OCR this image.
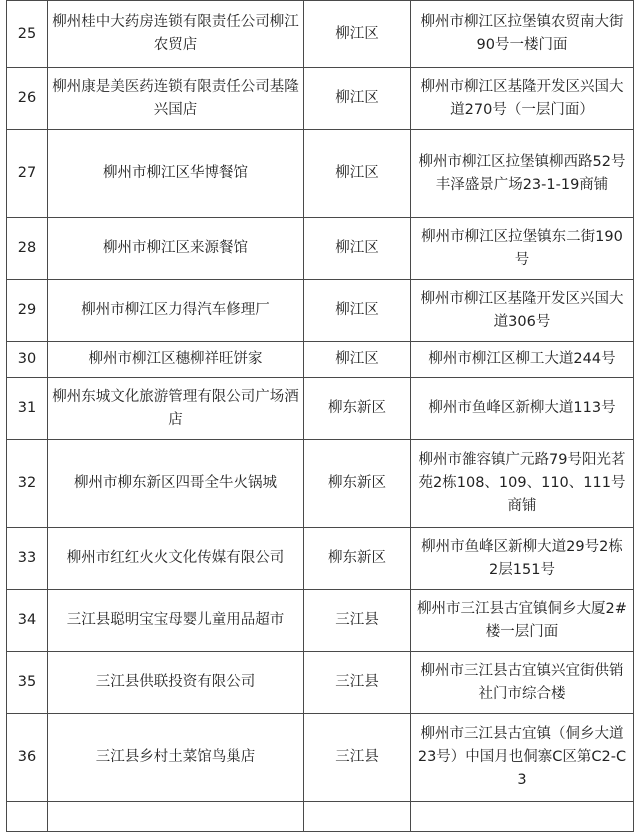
25	柳州桂中大药房连锁有限责任公司柳江农贸店	柳江区	柳州市柳江区拉堡镇农贸南大街90号一楼门面
26	柳州康是美医药连锁有限责任公司基隆兴国店	柳江区	柳州市柳江区基隆开发区兴国大道270号（一层门面）
27	柳州市柳江区华博餐馆	柳江区	柳州市柳江区拉堡镇柳西路52号丰泽盛景广场23-1-19商铺
28	柳州市柳江区来源餐馆	柳江区	柳州市柳江区拉堡镇东二街190号
29	柳州市柳江区力得汽车修理厂	柳江区	柳州市柳江区基隆开发区兴国大道306号
30	柳州市柳江区穗柳祥旺饼家	柳江区	柳州市柳江区柳工大道244号
31	柳州东城文化旅游管理有限公司广场酒店	柳东新区	柳州市鱼峰区新柳大道113号
32	柳州市柳东新区四哥全牛火锅城	柳东新区	柳州市雒容镇广元路79号阳光茗苑2栋108、109、110、111号商铺
33	柳州市红红火火文化传媒有限公司	柳东新区	柳州市鱼峰区新柳大道29号2栋2层151号
34	三江县聪明宝宝母婴儿童用品超市	三江县	柳州市三江县古宜镇侗乡大厦2#楼一层门面
35	三江县供联投资有限公司	三江县	柳州市三江县古宜镇兴宜街供销社门市综合楼
36	三江县乡村土菜馆鸟巢店	三江县	柳州市三江县古宜镇（侗乡大道23号）中国月也侗寨C区第C2-C3
